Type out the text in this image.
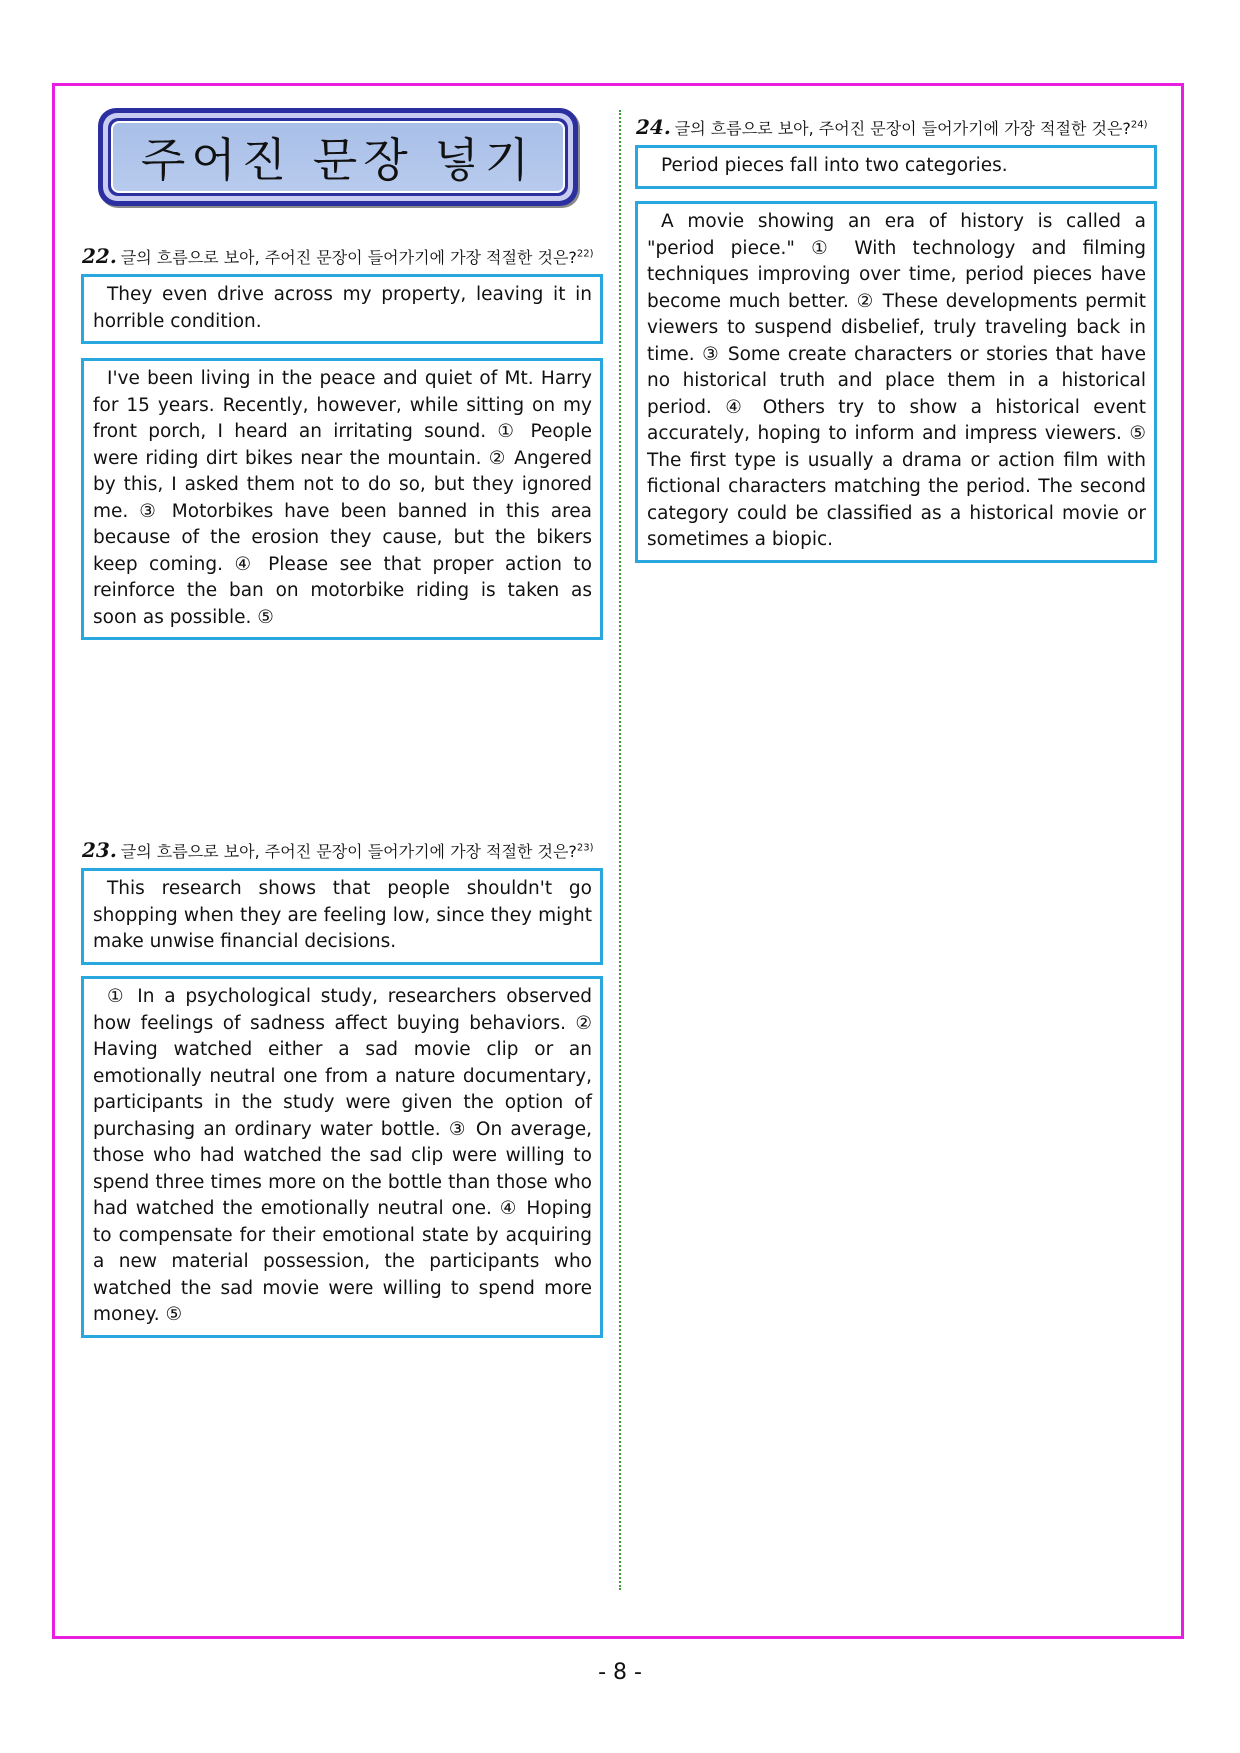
주어진 문장 넣기
22. 글의 흐름으로 보아, 주어진 문장이 들어가기에 가장 적절한 것은?$^{22)}$

They even drive across my property, leaving it in horrible condition.

I've been living in the peace and quiet of Mt. Harry for 15 years. Recently, however, while sitting on my front porch, I heard an irritating sound. ① People were riding dirt bikes near the mountain. ② Angered by this, I asked them not to do so, but they ignored me. ③ Motorbikes have been banned in this area because of the erosion they cause, but the bikers keep coming. ④ Please see that proper action to reinforce the ban on motorbike riding is taken as soon as possible. ⑤

23. 글의 흐름으로 보아, 주어진 문장이 들어가기에 가장 적절한 것은?$^{23)}$

This research shows that people shouldn't go shopping when they are feeling low, since they might make unwise financial decisions.

① In a psychological study, researchers observed how feelings of sadness affect buying behaviors. ② Having watched either a sad movie clip or an emotionally neutral one from a nature documentary, participants in the study were given the option of purchasing an ordinary water bottle. ③ On average, those who had watched the sad clip were willing to spend three times more on the bottle than those who had watched the emotionally neutral one. ④ Hoping to compensate for their emotional state by acquiring a new material possession, the participants who watched the sad movie were willing to spend more money. ⑤

24. 글의 흐름으로 보아, 주어진 문장이 들어가기에 가장 적절한 것은?$^{24)}$

Period pieces fall into two categories.

A movie showing an era of history is called a "period piece." ① With technology and filming techniques improving over time, period pieces have become much better. ② These developments permit viewers to suspend disbelief, truly traveling back in time. ③ Some create characters or stories that have no historical truth and place them in a historical period. ④ Others try to show a historical event accurately, hoping to inform and impress viewers. ⑤ The first type is usually a drama or action film with fictional characters matching the period. The second category could be classified as a historical movie or sometimes a biopic.

- 8 -
